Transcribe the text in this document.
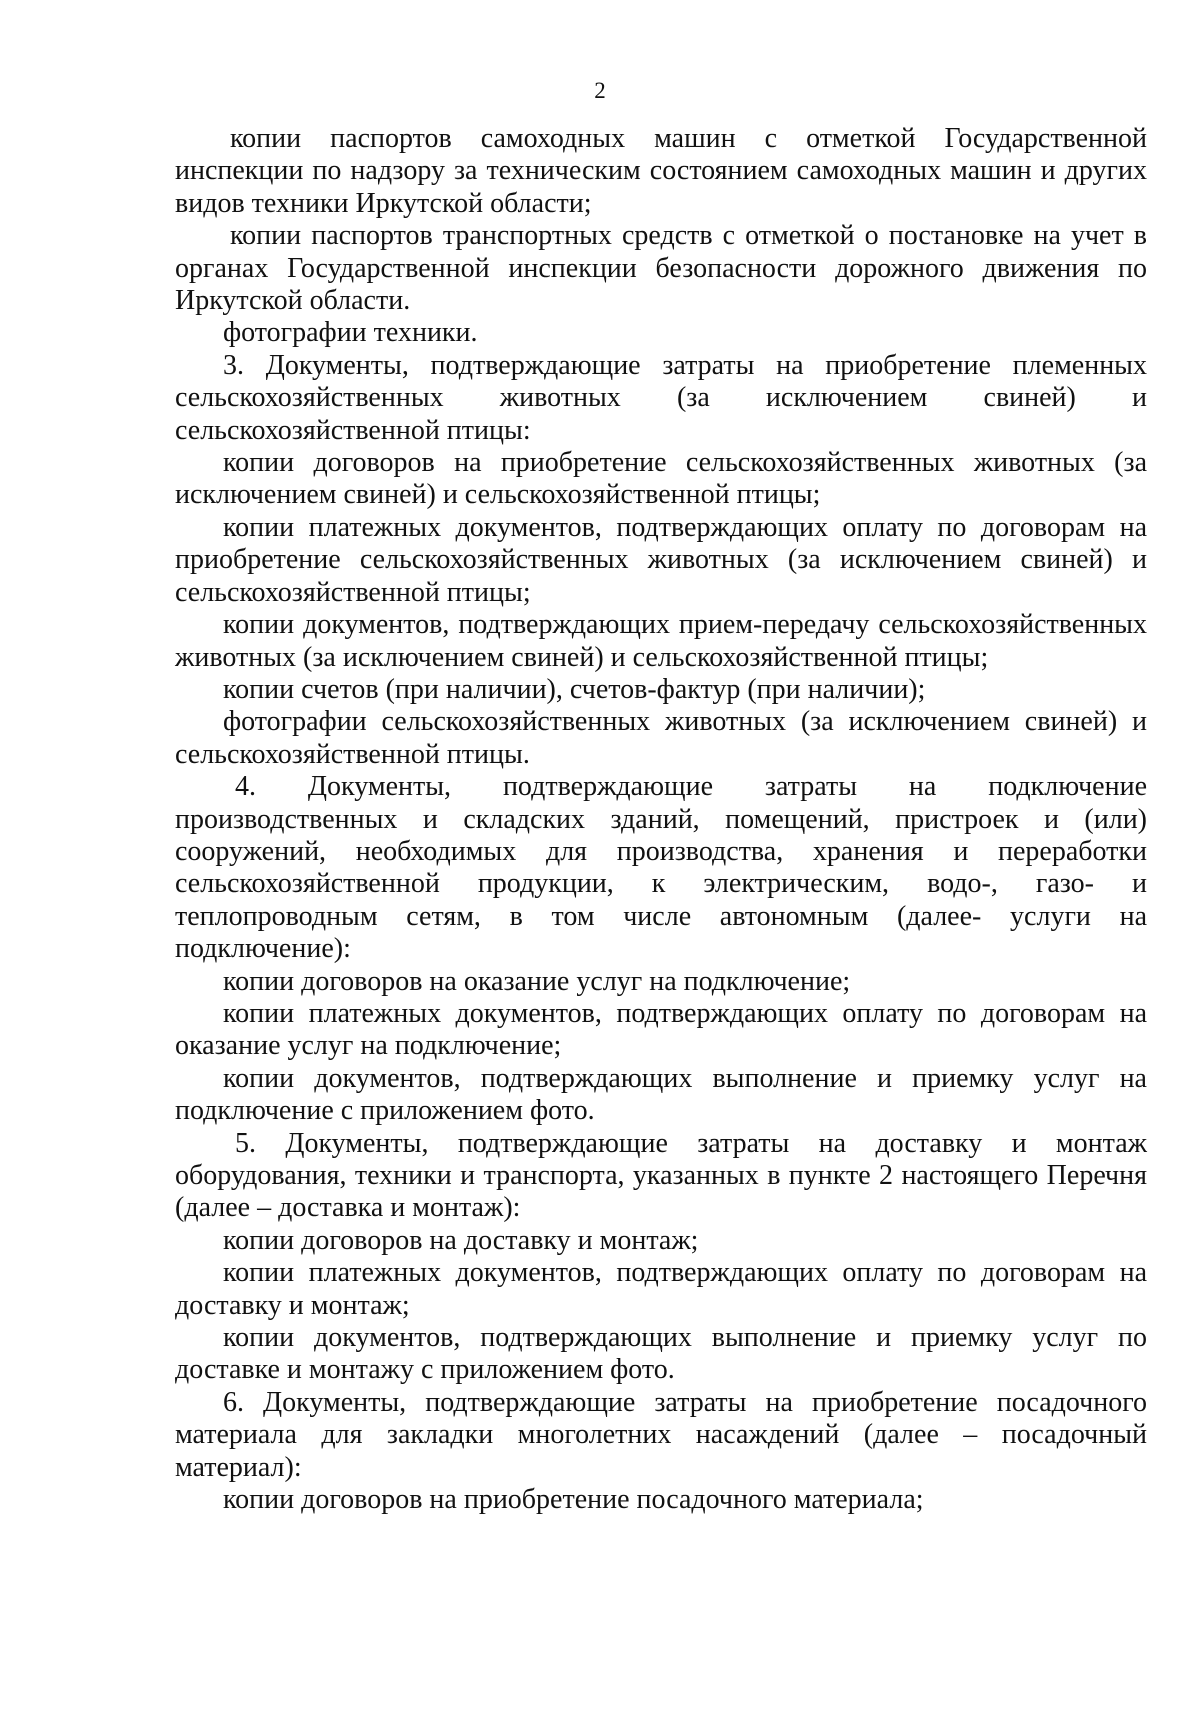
2

копии паспортов самоходных машин с отметкой Государственной инспекции по надзору за техническим состоянием самоходных машин и других видов техники Иркутской области;

копии паспортов транспортных средств с отметкой о постановке на учет в органах Государственной инспекции безопасности дорожного движения по Иркутской области.

фотографии техники.

3. Документы, подтверждающие затраты на приобретение племенных сельскохозяйственных животных (за исключением свиней) и сельскохозяйственной птицы:

копии договоров на приобретение сельскохозяйственных животных (за исключением свиней) и сельскохозяйственной птицы;

копии платежных документов, подтверждающих оплату по договорам на приобретение сельскохозяйственных животных (за исключением свиней) и сельскохозяйственной птицы;

копии документов, подтверждающих прием-передачу сельскохозяйственных животных (за исключением свиней) и сельскохозяйственной птицы;

копии счетов (при наличии), счетов-фактур (при наличии);

фотографии сельскохозяйственных животных (за исключением свиней) и сельскохозяйственной птицы.

4. Документы, подтверждающие затраты на подключение производственных и складских зданий, помещений, пристроек и (или) сооружений, необходимых для производства, хранения и переработки сельскохозяйственной продукции, к электрическим, водо-, газо- и теплопроводным сетям, в том числе автономным (далее- услуги на подключение):

копии договоров на оказание услуг на подключение;

копии платежных документов, подтверждающих оплату по договорам на оказание услуг на подключение;

копии документов, подтверждающих выполнение и приемку услуг на подключение с приложением фото.

5. Документы, подтверждающие затраты на доставку и монтаж оборудования, техники и транспорта, указанных в пункте 2 настоящего Перечня (далее – доставка и монтаж):

копии договоров на доставку и монтаж;

копии платежных документов, подтверждающих оплату по договорам на доставку и монтаж;

копии документов, подтверждающих выполнение и приемку услуг по доставке и монтажу с приложением фото.

6. Документы, подтверждающие затраты на приобретение посадочного материала для закладки многолетних насаждений (далее – посадочный материал):

копии договоров на приобретение посадочного материала;
